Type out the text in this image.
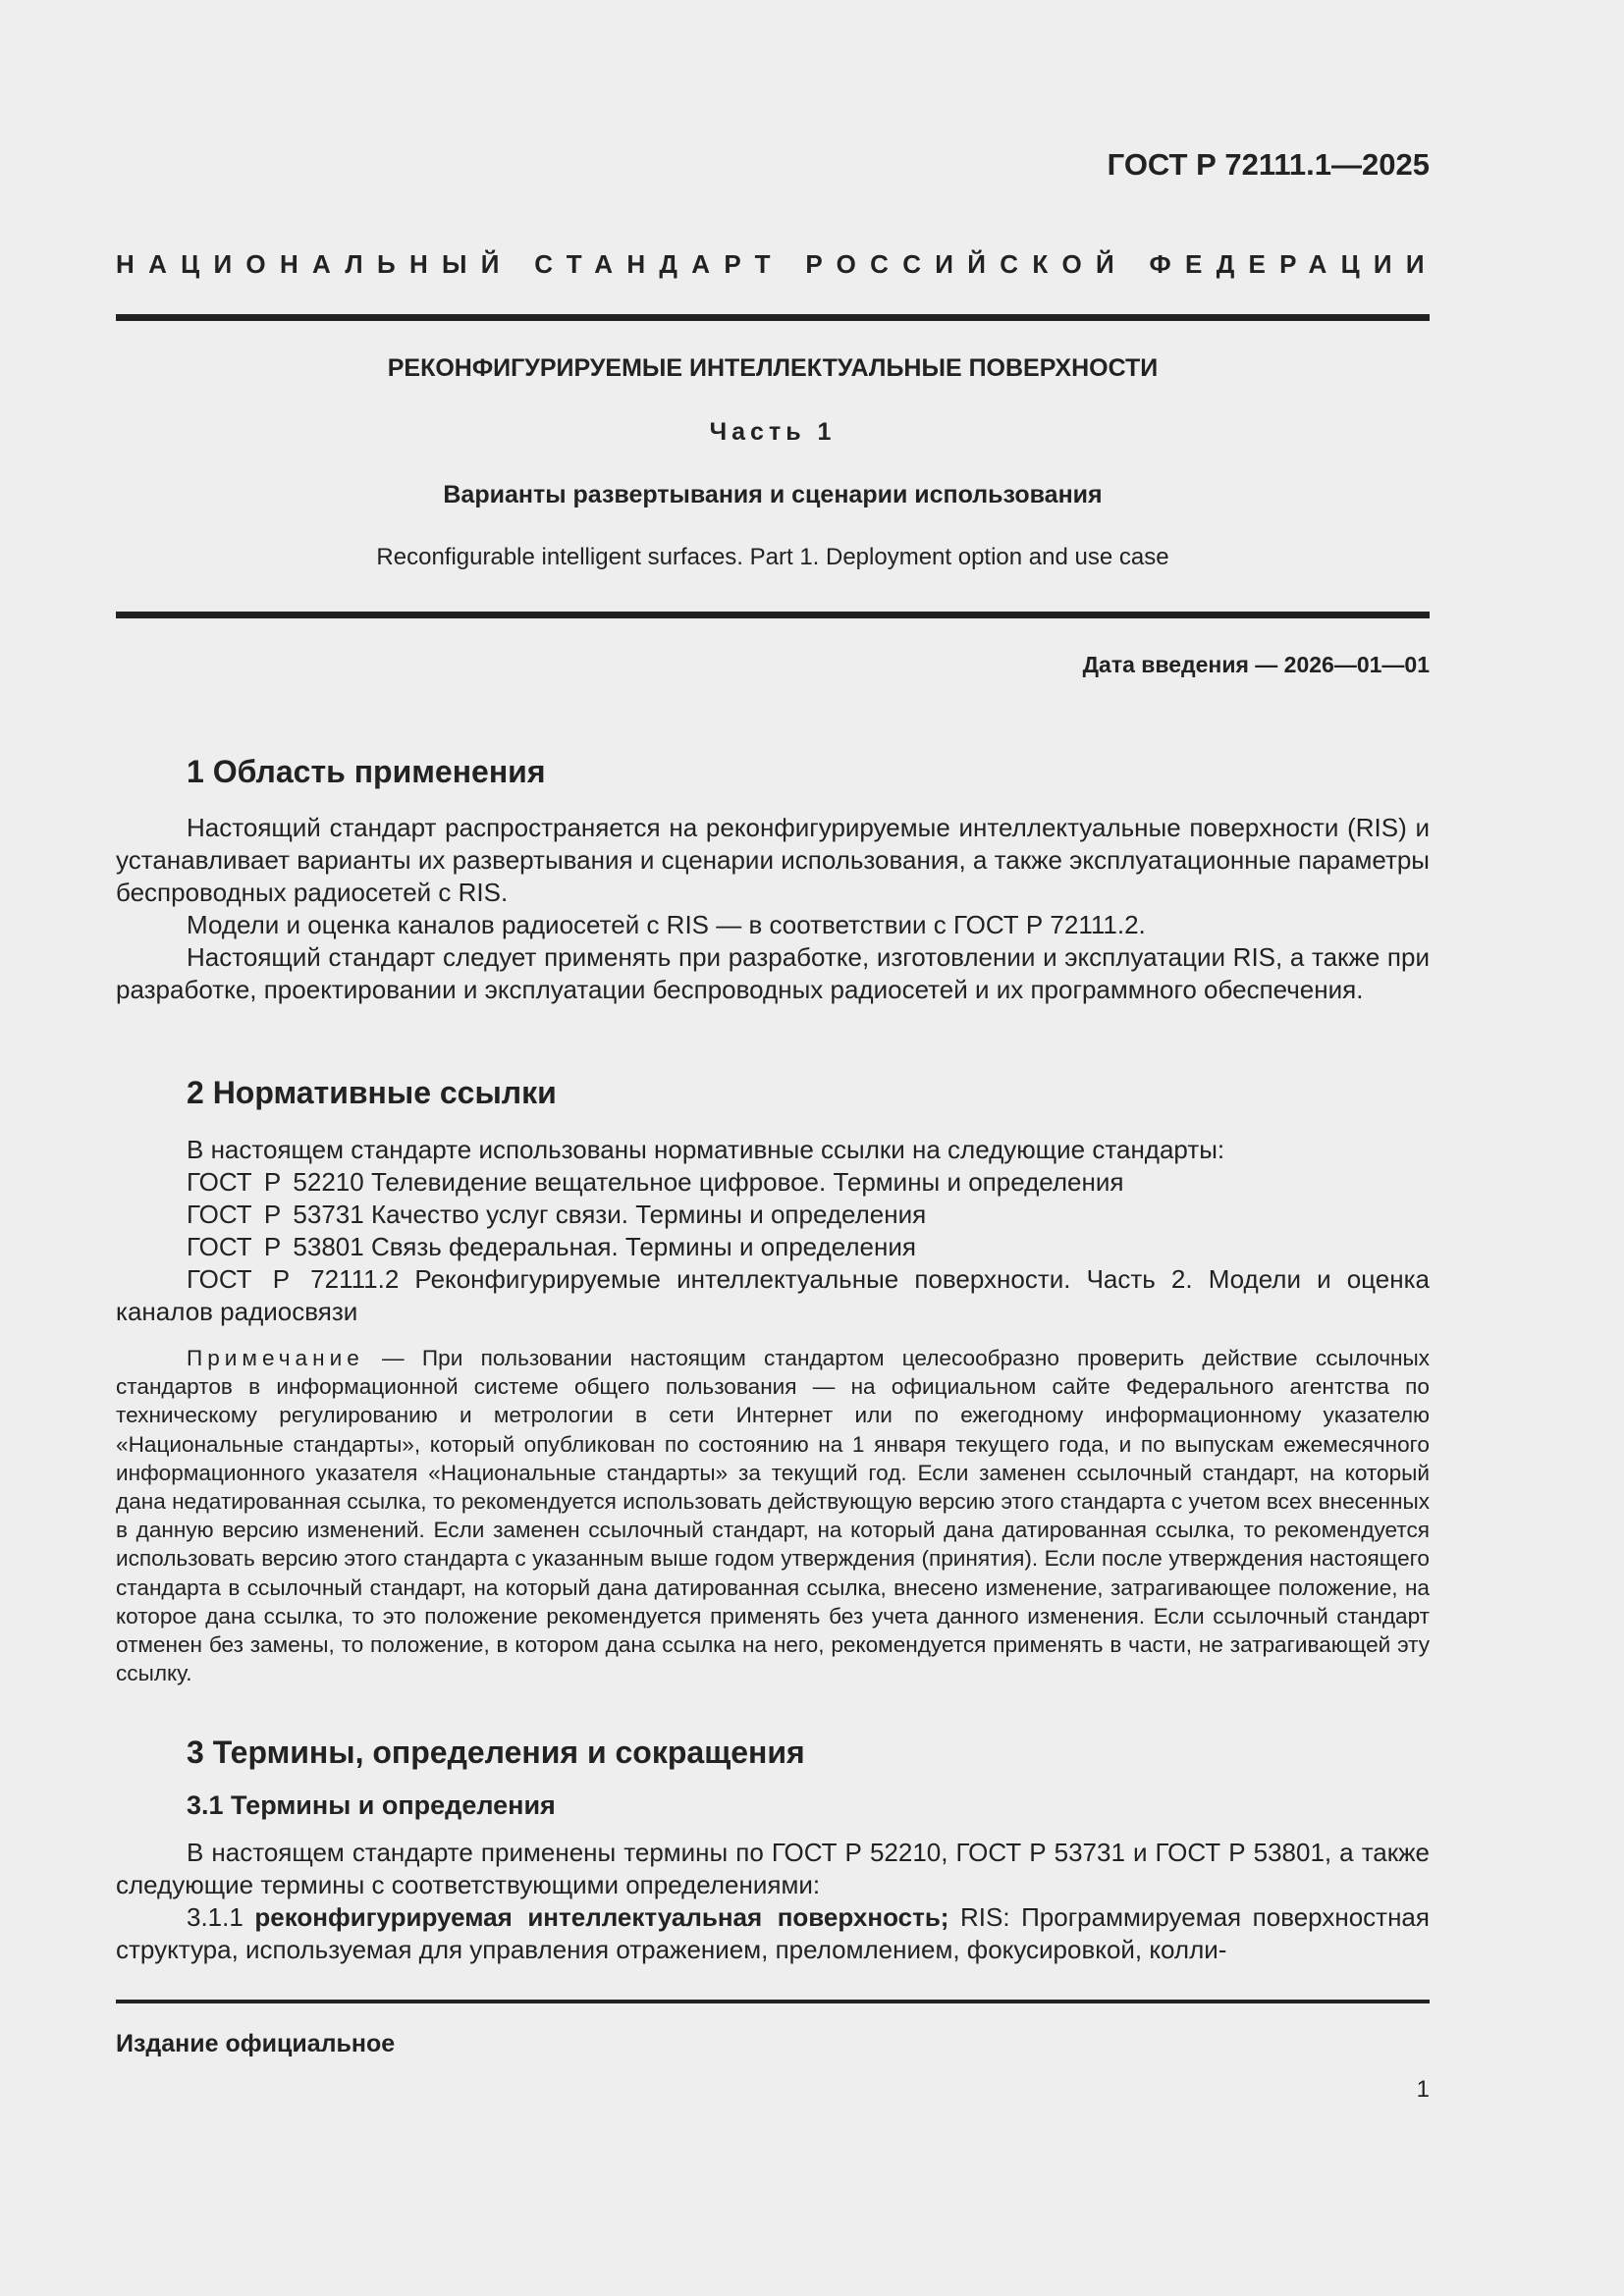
ГОСТ Р 72111.1—2025
НАЦИОНАЛЬНЫЙ СТАНДАРТ РОССИЙСКОЙ ФЕДЕРАЦИИ
РЕКОНФИГУРИРУЕМЫЕ ИНТЕЛЛЕКТУАЛЬНЫЕ ПОВЕРХНОСТИ
Часть 1
Варианты развертывания и сценарии использования
Reconfigurable intelligent surfaces. Part 1. Deployment option and use case
Дата введения — 2026—01—01
1 Область применения

Настоящий стандарт распространяется на реконфигурируемые интеллектуальные поверхности (RIS) и устанавливает варианты их развертывания и сценарии использования, а также эксплуатационные параметры беспроводных радиосетей с RIS.

Модели и оценка каналов радиосетей с RIS — в соответствии с ГОСТ Р 72111.2.

Настоящий стандарт следует применять при разработке, изготовлении и эксплуатации RIS, а также при разработке, проектировании и эксплуатации беспроводных радиосетей и их программного обеспечения.

2 Нормативные ссылки

В настоящем стандарте использованы нормативные ссылки на следующие стандарты:

ГОСТ Р 52210 Телевидение вещательное цифровое. Термины и определения

ГОСТ Р 53731 Качество услуг связи. Термины и определения

ГОСТ Р 53801 Связь федеральная. Термины и определения

ГОСТ Р 72111.2 Реконфигурируемые интеллектуальные поверхности. Часть 2. Модели и оценка каналов радиосвязи

Примечание — При пользовании настоящим стандартом целесообразно проверить действие ссылочных стандартов в информационной системе общего пользования — на официальном сайте Федерального агентства по техническому регулированию и метрологии в сети Интернет или по ежегодному информационному указателю «Национальные стандарты», который опубликован по состоянию на 1 января текущего года, и по выпускам ежемесячного информационного указателя «Национальные стандарты» за текущий год. Если заменен ссылочный стандарт, на который дана недатированная ссылка, то рекомендуется использовать действующую версию этого стандарта с учетом всех внесенных в данную версию изменений. Если заменен ссылочный стандарт, на который дана датированная ссылка, то рекомендуется использовать версию этого стандарта с указанным выше годом утверждения (принятия). Если после утверждения настоящего стандарта в ссылочный стандарт, на который дана датированная ссылка, внесено изменение, затрагивающее положение, на которое дана ссылка, то это положение рекомендуется применять без учета данного изменения. Если ссылочный стандарт отменен без замены, то положение, в котором дана ссылка на него, рекомендуется применять в части, не затрагивающей эту ссылку.

3 Термины, определения и сокращения
3.1 Термины и определения

В настоящем стандарте применены термины по ГОСТ Р 52210, ГОСТ Р 53731 и ГОСТ Р 53801, а также следующие термины с соответствующими определениями:

3.1.1 реконфигурируемая интеллектуальная поверхность; RIS: Программируемая поверхностная структура, используемая для управления отражением, преломлением, фокусировкой, колли-

Издание официальное
1
